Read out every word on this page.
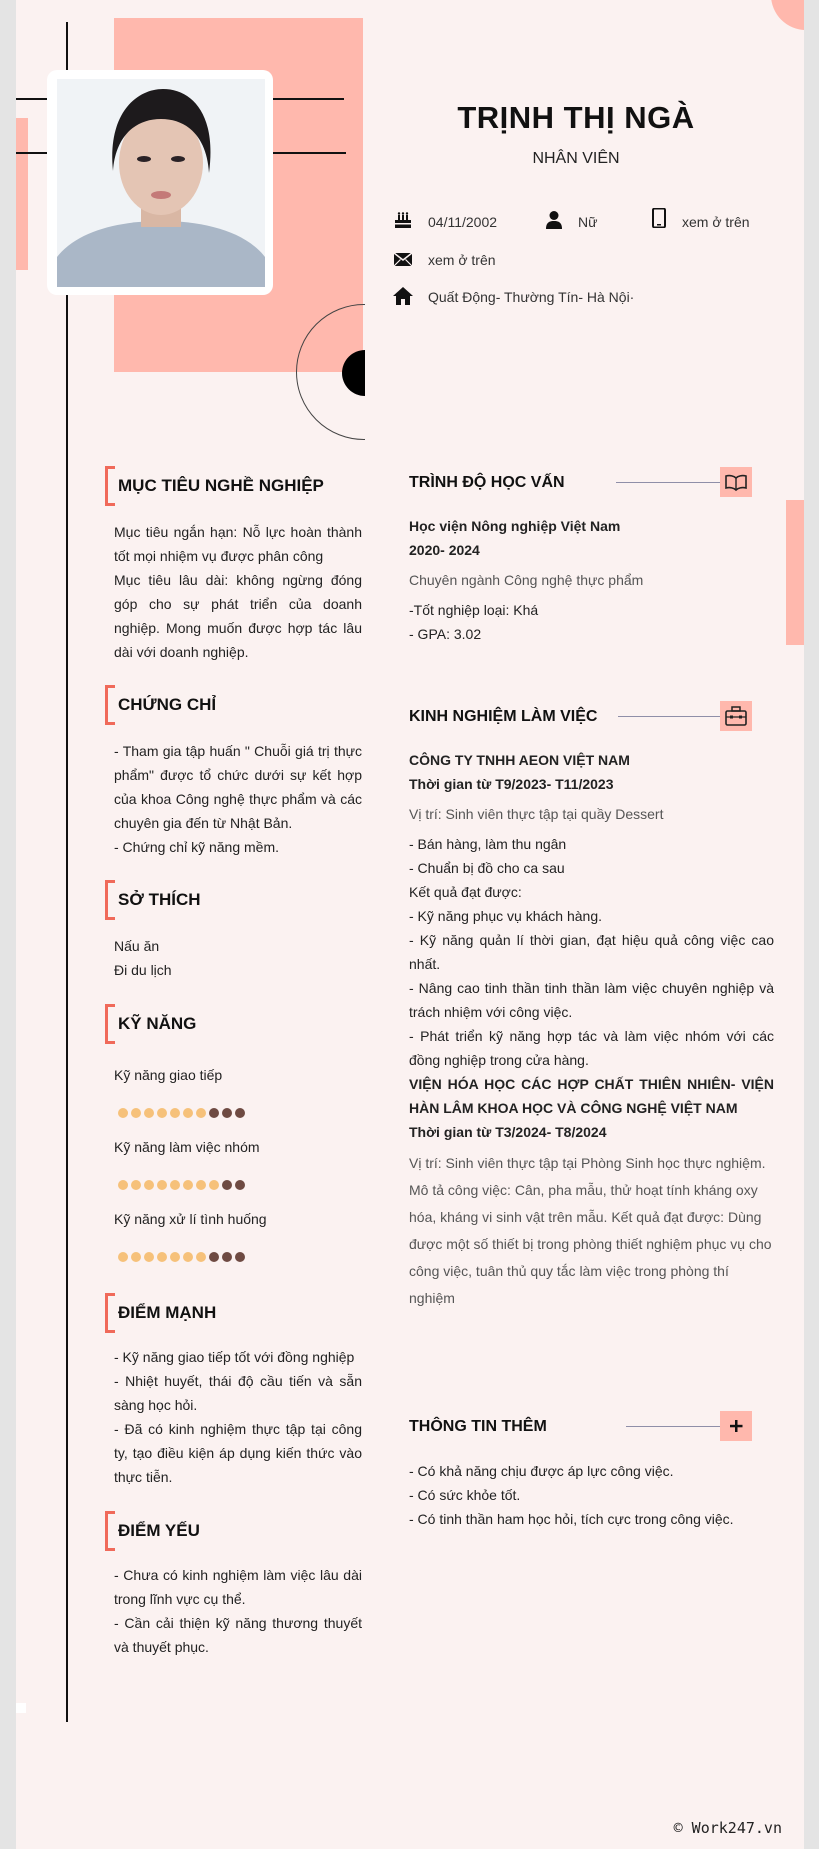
TRỊNH THỊ NGÀ
NHÂN VIÊN
04/11/2002	Nữ	xem ở trên
xem ở trên
Quất Động- Thường Tín- Hà Nội·
MỤC TIÊU NGHỀ NGHIỆP

Mục tiêu ngắn hạn: Nỗ lực hoàn thành tốt mọi nhiệm vụ được phân công

Mục tiêu lâu dài: không ngừng đóng góp cho sự phát triển của doanh nghiệp. Mong muốn được hợp tác lâu dài với doanh nghiệp.

CHỨNG CHỈ

- Tham gia tập huấn " Chuỗi giá trị thực phẩm" được tổ chức dưới sự kết hợp của khoa Công nghệ thực phẩm và các chuyên gia đến từ Nhật Bản.

- Chứng chỉ kỹ năng mềm.

SỞ THÍCH

Nấu ăn

Đi du lịch

KỸ NĂNG
Kỹ năng giao tiếp
Kỹ năng làm việc nhóm
Kỹ năng xử lí tình huống
ĐIỂM MẠNH

- Kỹ năng giao tiếp tốt với đồng nghiệp

- Nhiệt huyết, thái độ cầu tiến và sẵn sàng học hỏi.

- Đã có kinh nghiệm thực tập tại công ty, tạo điều kiện áp dụng kiến thức vào thực tiễn.

ĐIỂM YẾU

- Chưa có kinh nghiệm làm việc lâu dài trong lĩnh vực cụ thể.

- Cần cải thiện kỹ năng thương thuyết và thuyết phục.

TRÌNH ĐỘ HỌC VẤN

Học viện Nông nghiệp Việt Nam

2020- 2024

Chuyên ngành Công nghệ thực phẩm

-Tốt nghiệp loại: Khá

- GPA: 3.02

KINH NGHIỆM LÀM VIỆC

CÔNG TY TNHH AEON VIỆT NAM

Thời gian từ T9/2023- T11/2023

Vị trí: Sinh viên thực tập tại quầy Dessert

- Bán hàng, làm thu ngân

- Chuẩn bị đồ cho ca sau

Kết quả đạt được:

- Kỹ năng phục vụ khách hàng.

- Kỹ năng quản lí thời gian, đạt hiệu quả công việc cao nhất.

- Nâng cao tinh thần tinh thần làm việc chuyên nghiệp và trách nhiệm với công việc.

- Phát triển kỹ năng hợp tác và làm việc nhóm với các đồng nghiệp trong cửa hàng.

VIỆN HÓA HỌC CÁC HỢP CHẤT THIÊN NHIÊN- VIỆN HÀN LÂM KHOA HỌC VÀ CÔNG NGHỆ VIỆT NAM

Thời gian từ T3/2024- T8/2024

Vị trí: Sinh viên thực tập tại Phòng Sinh học thực nghiệm. Mô tả công việc: Cân, pha mẫu, thử hoạt tính kháng oxy hóa, kháng vi sinh vật trên mẫu. Kết quả đạt được: Dùng được một số thiết bị trong phòng thiết nghiệm phục vụ cho công việc, tuân thủ quy tắc làm việc trong phòng thí nghiệm

THÔNG TIN THÊM

- Có khả năng chịu được áp lực công việc.

- Có sức khỏe tốt.

- Có tinh thần ham học hỏi, tích cực trong công việc.

© Work247.vn
